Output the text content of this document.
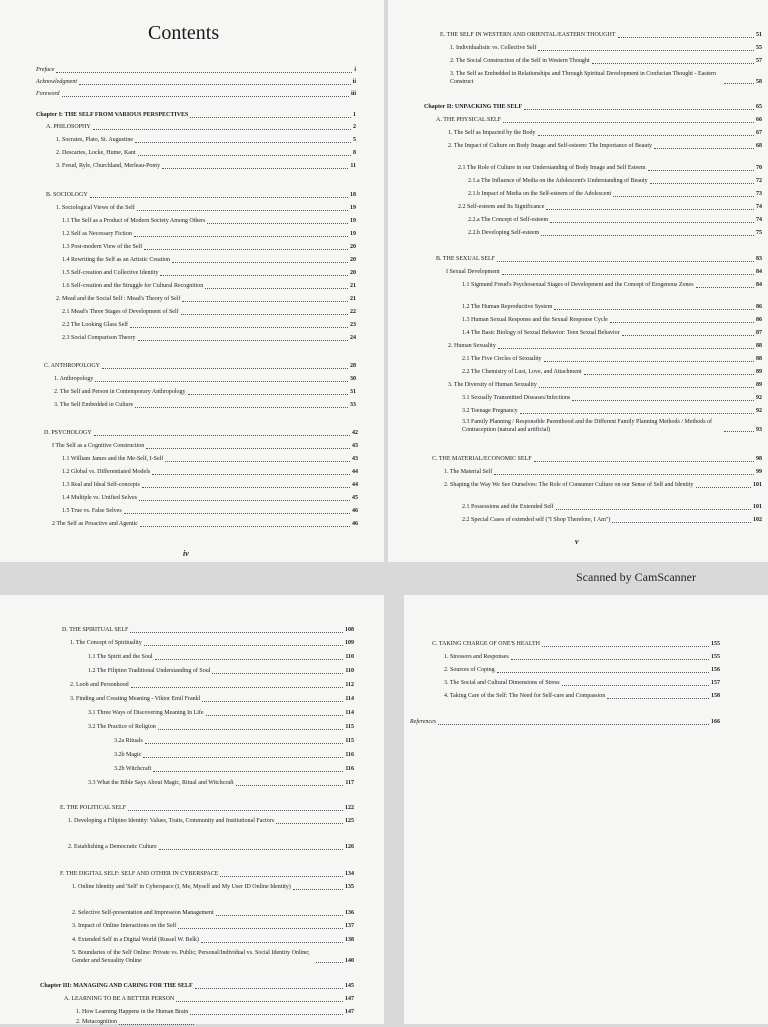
Contents
iv
v
Scanned by CamScanner
Preface	i
Acknowledgment	ii
Foreword	iii
Chapter I: THE SELF FROM VARIOUS PERSPECTIVES	1
A. PHILOSOPHY	2
1. Socrates, Plato, St. Augustine	5
2. Descartes, Locke, Hume, Kant	8
3. Freud, Ryle, Churchland, Merleau-Ponty	11
B. SOCIOLOGY	18
1. Sociological Views of the Self	19
1.1 The Self as a Product of Modern Society Among Others	19
1.2 Self as Necessary Fiction	19
1.3 Post-modern View of the Self	20
1.4 Rewriting the Self as an Artistic Creation	20
1.5 Self-creation and Collective Identity	20
1.6 Self-creation and the Struggle for Cultural Recognition	21
2. Mead and the Social Self : Mead's Theory of Self	21
2.1 Mead's Three Stages of Development of Self	22
2.2 The Looking Glass Self	23
2.3 Social Comparison Theory	24
C. ANTHROPOLOGY	28
1. Anthropology	30
2. The Self and Person in Contemporary Anthropology	31
3. The Self Embedded in Culture	33
D. PSYCHOLOGY	42
I The Self as a Cognitive Construction	43
1.1 William James and the Me-Self, I-Self	43
1.2 Global vs. Differentiated Models	44
1.3 Real and Ideal Self-concepts	44
1.4 Multiple vs. Unified Selves	45
1.5 True vs. False Selves	46
2 The Self as Proactive and Agentic	46
E. THE SELF IN WESTERN AND ORIENTAL/EASTERN THOUGHT	51
1. Individualistic vs. Collective Self	55
2. The Social Construction of the Self in Western Thought	57
3. The Self as Embedded in Relationships and Through Spiritual Development in Confucian Thought - Eastern Construct	58
Chapter II: UNPACKING THE SELF	65
A. THE PHYSICAL SELF	66
1. The Self as Impacted by the Body	67
2. The Impact of Culture on Body Image and Self-esteem: The Importance of Beauty	68
2.1 The Role of Culture in our Understanding of Body Image and Self Esteem	70
2.1.a The Influence of Media on the Adolescent's Understanding of Beauty	72
2.1.b Impact of Media on the Self-esteem of the Adolescent	73
2.2 Self-esteem and Its Significance	74
2.2.a The Concept of Self-esteem	74
2.2.b Developing Self-esteem	75
B. THE SEXUAL SELF	83
I Sexual Development	84
1.1 Sigmund Freud's Psychosexual Stages of Development and the Concept of Erogenous Zones	84
1.2 The Human Reproductive System	86
1.3 Human Sexual Response and the Sexual Response Cycle	86
1.4 The Basic Biology of Sexual Behavior: Teen Sexual Behavior	87
2. Human Sexuality	88
2.1 The Five Circles of Sexuality	88
2.2 The Chemistry of Lust, Love, and Attachment	89
3. The Diversity of Human Sexuality	89
3.1 Sexually Transmitted Diseases/Infections	92
3.2 Teenage Pregnancy	92
3.3 Family Planning / Responsible Parenthood and the Different Family Planning Methods / Methods of Contraception (natural and artificial)	93
C. THE MATERIAL/ECONOMIC SELF	98
1. The Material Self	99
2. Shaping the Way We See Ourselves: The Role of Consumer Culture on our Sense of Self and Identity	101
2.1 Possessions and the Extended Self	101
2.2 Special Cases of extended self ("I Shop Therefore, I Am")	102
D. THE SPIRITUAL SELF	108
1. The Concept of Spirituality	109
1.1 The Spirit and the Soul	110
1.2 The Filipino Traditional Understanding of Soul	110
2. Loob and Personhood	112
3. Finding and Creating Meaning - Viktor Emil Frankl	114
3.1 Three Ways of Discovering Meaning In Life	114
3.2 The Practice of Religion	115
3.2a Rituals	115
3.2b Magic	116
3.2b Witchcraft	116
3.3 What the Bible Says About Magic, Ritual and Witchcraft	117
E. THE POLITICAL SELF	122
1. Developing a Filipino Identity: Values, Traits, Community and Institutional Factors	125
2. Establishing a Democratic Culture	126
F. THE DIGITAL SELF: SELF AND OTHER IN CYBERSPACE	134
1. Online Identity and 'Self' in Cyberspace (I, Me, Myself and My User ID Online Identity)	135
2. Selective Self-presentation and Impression Management	136
3. Impact of Online Interactions on the Self	137
4. Extended Self in a Digital World (Russel W. Belk)	138
5. Boundaries of the Self Online: Private vs. Public; Personal/Individual vs. Social Identity Online; Gender and Sexuality Online	140
Chapter III: MANAGING AND CARING FOR THE SELF	145
A. LEARNING TO BE A BETTER PERSON	147
1. How Learning Happens in the Human Brain	147
2. Metacognition
C. TAKING CHARGE OF ONE'S HEALTH	155
1. Stressors and Responses	155
2. Sources of Coping	156
3. The Social and Cultural Dimensions of Stress	157
4. Taking Care of the Self: The Need for Self-care and Compassion	158
References	166
